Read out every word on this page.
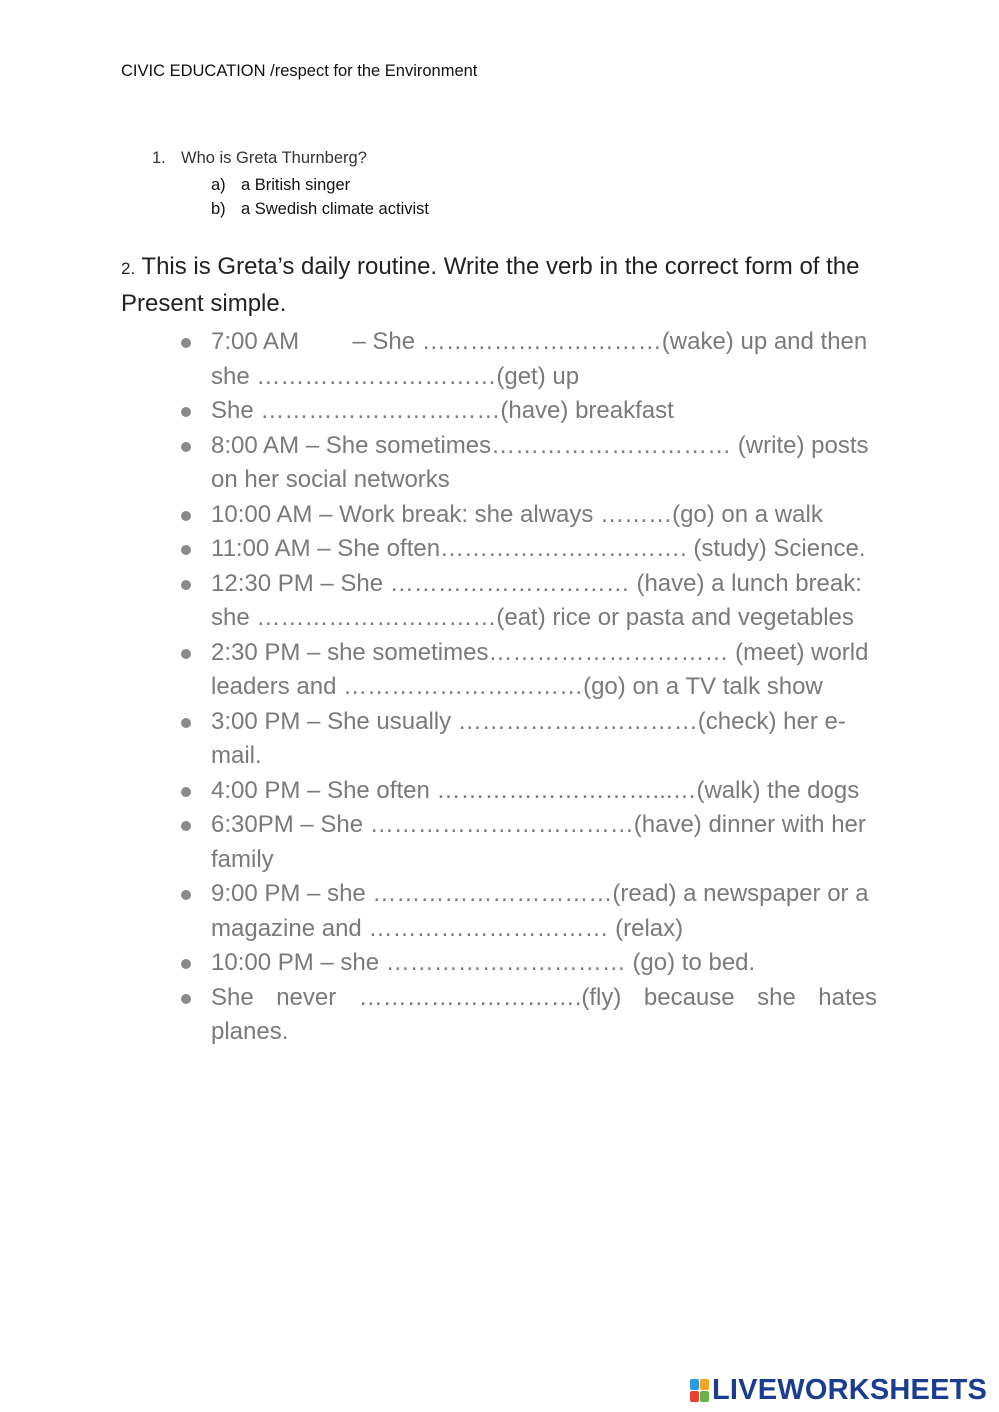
CIVIC EDUCATION /respect for the Environment
1. Who is Greta Thurnberg?
a) a British singer
b) a Swedish climate activist
2. This is Greta’s daily routine. Write the verb in the correct form of the Present simple.
7:00 AM        – She …………………………(wake) up and then she …………………………(get) up
She …………………………(have) breakfast
8:00 AM – She sometimes………………………… (write) posts on her social networks
10:00 AM – Work break: she always ………(go) on a walk
11:00 AM – She often…………………………. (study) Science.
12:30 PM – She ………………………… (have) a lunch break: she …………………………(eat) rice or pasta and vegetables
2:30 PM – she sometimes………………………… (meet) world leaders and …………………………(go) on a TV talk show
3:00 PM – She usually …………………………(check) her e-mail.
4:00 PM – She often ………………………...…(walk) the dogs
6:30PM – She ……………………………(have) dinner with her family
9:00 PM – she …………………………(read) a newspaper or a magazine and ………………………… (relax)
10:00 PM – she ………………………… (go) to bed.
She never ……………………….(fly) because she hates planes.
LIVEWORKSHEETS
